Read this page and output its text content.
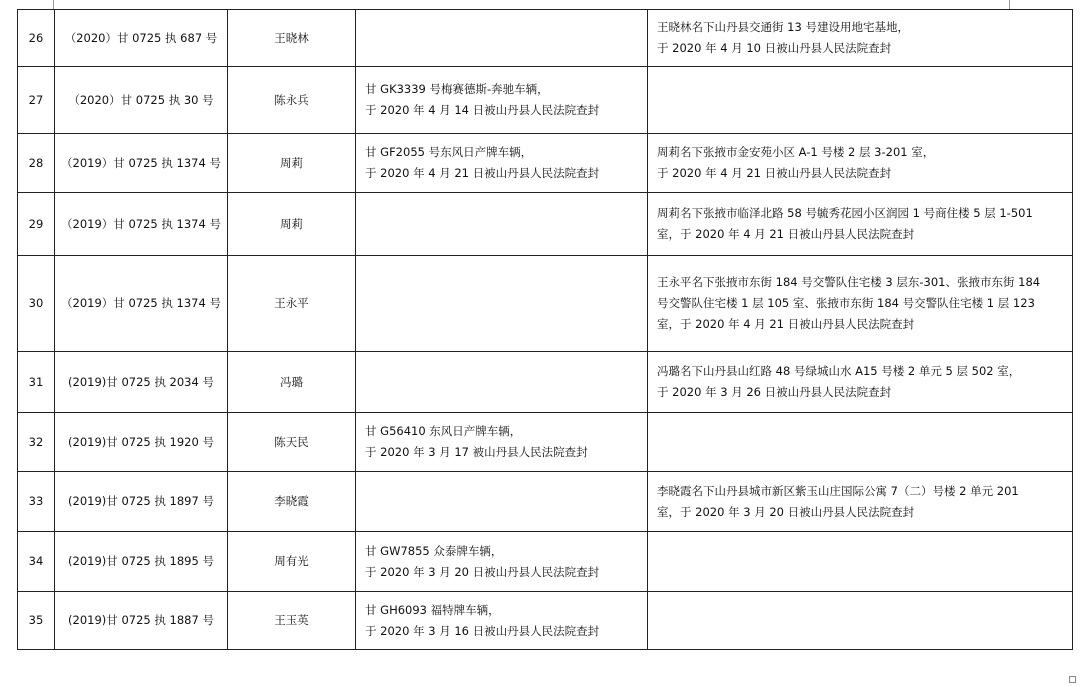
26	（2020）甘 0725 执 687 号	王晓林		王晓林名下山丹县交通街 13 号建设用地宅基地，
于 2020 年 4 月 10 日被山丹县人民法院查封

27	（2020）甘 0725 执 30 号	陈永兵	甘 GK3339 号梅赛德斯-奔驰车辆，
于 2020 年 4 月 14 日被山丹县人民法院查封	

28	（2019）甘 0725 执 1374 号	周莉	甘 GF2055 号东风日产牌车辆，
于 2020 年 4 月 21 日被山丹县人民法院查封	周莉名下张掖市金安苑小区 A-1 号楼 2 层 3-201 室，
于 2020 年 4 月 21 日被山丹县人民法院查封

29	（2019）甘 0725 执 1374 号	周莉		周莉名下张掖市临泽北路 58 号毓秀花园小区润园 1 号商住楼 5 层 1-501
室，于 2020 年 4 月 21 日被山丹县人民法院查封

30	（2019）甘 0725 执 1374 号	王永平		王永平名下张掖市东街 184 号交警队住宅楼 3 层东-301、张掖市东街 184
号交警队住宅楼 1 层 105 室、张掖市东街 184 号交警队住宅楼 1 层 123
室，于 2020 年 4 月 21 日被山丹县人民法院查封

31	(2019)甘 0725 执 2034 号	冯璐		冯璐名下山丹县山红路 48 号绿城山水 A15 号楼 2 单元 5 层 502 室，
于 2020 年 3 月 26 日被山丹县人民法院查封

32	(2019)甘 0725 执 1920 号	陈天民	甘 G56410 东风日产牌车辆，
于 2020 年 3 月 17 被山丹县人民法院查封	

33	(2019)甘 0725 执 1897 号	李晓霞		李晓霞名下山丹县城市新区紫玉山庄国际公寓 7（二）号楼 2 单元 201
室，于 2020 年 3 月 20 日被山丹县人民法院查封

34	(2019)甘 0725 执 1895 号	周有光	甘 GW7855 众泰牌车辆，
于 2020 年 3 月 20 日被山丹县人民法院查封	

35	(2019)甘 0725 执 1887 号	王玉英	甘 GH6093 福特牌车辆，
于 2020 年 3 月 16 日被山丹县人民法院查封	
